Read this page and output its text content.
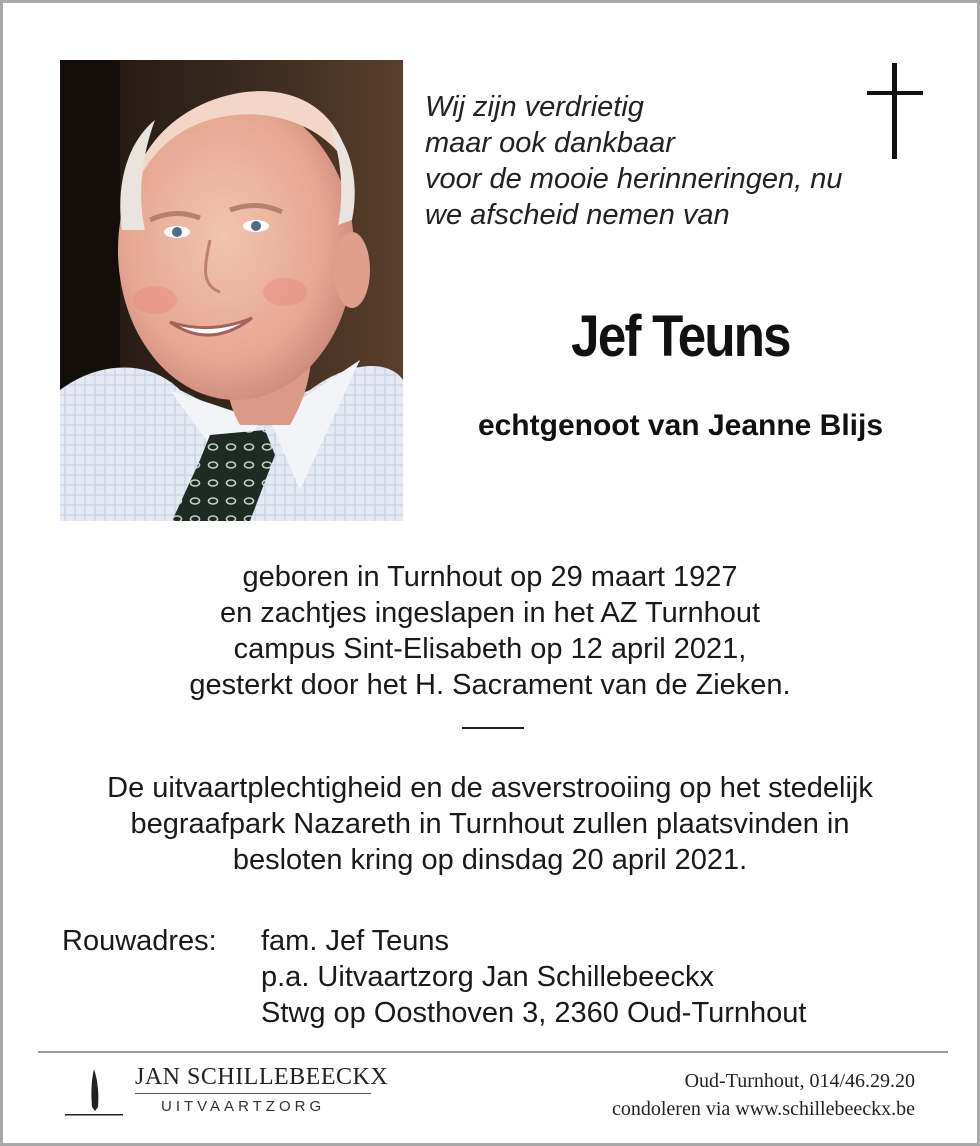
Wij zijn verdrietig
maar ook dankbaar
voor de mooie herinneringen, nu
we afscheid nemen van
Jef Teuns
echtgenoot van Jeanne Blijs
geboren in Turnhout op 29 maart 1927
en zachtjes ingeslapen in het AZ Turnhout
campus Sint-Elisabeth op 12 april 2021,
gesterkt door het H. Sacrament van de Zieken.
De uitvaartplechtigheid en de asverstrooiing op het stedelijk
begraafpark Nazareth in Turnhout zullen plaatsvinden in
besloten kring op dinsdag 20 april 2021.
Rouwadres: fam. Jef Teuns
p.a. Uitvaartzorg Jan Schillebeeckx
Stwg op Oosthoven 3, 2360 Oud-Turnhout
JAN SCHILLEBEECKX
UITVAARTZORG
Oud-Turnhout, 014/46.29.20
condoleren via www.schillebeeckx.be
